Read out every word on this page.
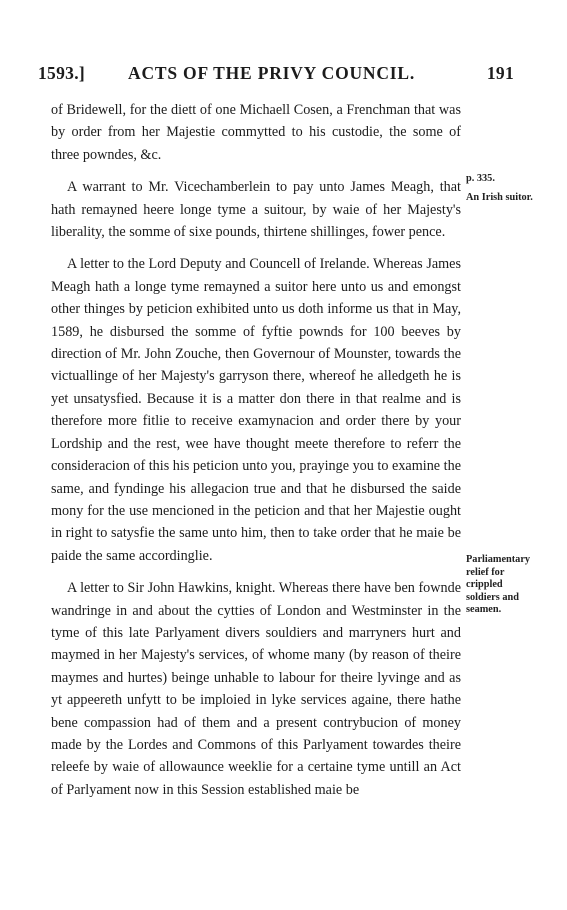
1593.] ACTS OF THE PRIVY COUNCIL.	191

of Bridewell, for the diett of one Michaell Cosen, a Frenchman that was by order from her Majestie commytted to his custodie, the some of three powndes, &c.

A warrant to Mr. Vicechamberlein to pay unto James Meagh, that hath remayned heere longe tyme a suitour, by waie of her Majesty's liberality, the somme of sixe pounds, thirtene shillinges, fower pence.

A letter to the Lord Deputy and Councell of Irelande. Whereas James Meagh hath a longe tyme remayned a suitor here unto us and emongst other thinges by peticion exhibited unto us doth informe us that in May, 1589, he disbursed the somme of fyftie pownds for 100 beeves by direction of Mr. John Zouche, then Governour of Mounster, towards the victuallinge of her Majesty's garryson there, whereof he alledgeth he is yet unsatysfied. Because it is a matter don there in that realme and is therefore more fitlie to receive examynacion and order there by your Lordship and the rest, wee have thought meete therefore to referr the consideracion of this his peticion unto you, prayinge you to examine the same, and fyndinge his allegacion true and that he disbursed the saide mony for the use mencioned in the peticion and that her Majestie ought in right to satysfie the same unto him, then to take order that he maie be paide the same accordinglie.

A letter to Sir John Hawkins, knight. Whereas there have ben fownde wandringe in and about the cytties of London and Westminster in the tyme of this late Parlyament divers souldiers and marryners hurt and maymed in her Majesty's services, of whome many (by reason of theire maymes and hurtes) beinge unhable to labour for theire lyvinge and as yt appeereth unfytt to be imploied in lyke services againe, there hathe bene compassion had of them and a present contrybucion of money made by the Lordes and Commons of this Parlyament towardes theire releefe by waie of allowaunce weeklie for a certaine tyme untill an Act of Parlyament now in this Session established maie be

p. 335.
An Irish suitor.
Parliamentary relief for crippled soldiers and seamen.
